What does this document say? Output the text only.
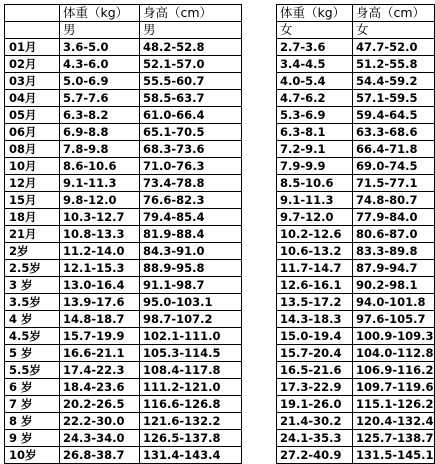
	体重（kg）	身高（cm）
	男	男
01月	3.6-5.0	48.2-52.8
02月	4.3-6.0	52.1-57.0
03月	5.0-6.9	55.5-60.7
04月	5.7-7.6	58.5-63.7
05月	6.3-8.2	61.0-66.4
06月	6.9-8.8	65.1-70.5
08月	7.8-9.8	68.3-73.6
10月	8.6-10.6	71.0-76.3
12月	9.1-11.3	73.4-78.8
15月	9.8-12.0	76.6-82.3
18月	10.3-12.7	79.4-85.4
21月	10.8-13.3	81.9-88.4
2岁	11.2-14.0	84.3-91.0
2.5岁	12.1-15.3	88.9-95.8
3 岁	13.0-16.4	91.1-98.7
3.5岁	13.9-17.6	95.0-103.1
4 岁	14.8-18.7	98.7-107.2
4.5岁	15.7-19.9	102.1-111.0
5 岁	16.6-21.1	105.3-114.5
5.5岁	17.4-22.3	108.4-117.8
6 岁	18.4-23.6	111.2-121.0
7 岁	20.2-26.5	116.6-126.8
8 岁	22.2-30.0	121.6-132.2
9 岁	24.3-34.0	126.5-137.8
10岁	26.8-38.7	131.4-143.4
体重（kg）	身高（cm）
女	女
2.7-3.6	47.7-52.0
3.4-4.5	51.2-55.8
4.0-5.4	54.4-59.2
4.7-6.2	57.1-59.5
5.3-6.9	59.4-64.5
6.3-8.1	63.3-68.6
7.2-9.1	66.4-71.8
7.9-9.9	69.0-74.5
8.5-10.6	71.5-77.1
9.1-11.3	74.8-80.7
9.7-12.0	77.9-84.0
10.2-12.6	80.6-87.0
10.6-13.2	83.3-89.8
11.7-14.7	87.9-94.7
12.6-16.1	90.2-98.1
13.5-17.2	94.0-101.8
14.3-18.3	97.6-105.7
15.0-19.4	100.9-109.3
15.7-20.4	104.0-112.8
16.5-21.6	106.9-116.2
17.3-22.9	109.7-119.6
19.1-26.0	115.1-126.2
21.4-30.2	120.4-132.4
24.1-35.3	125.7-138.7
27.2-40.9	131.5-145.1
